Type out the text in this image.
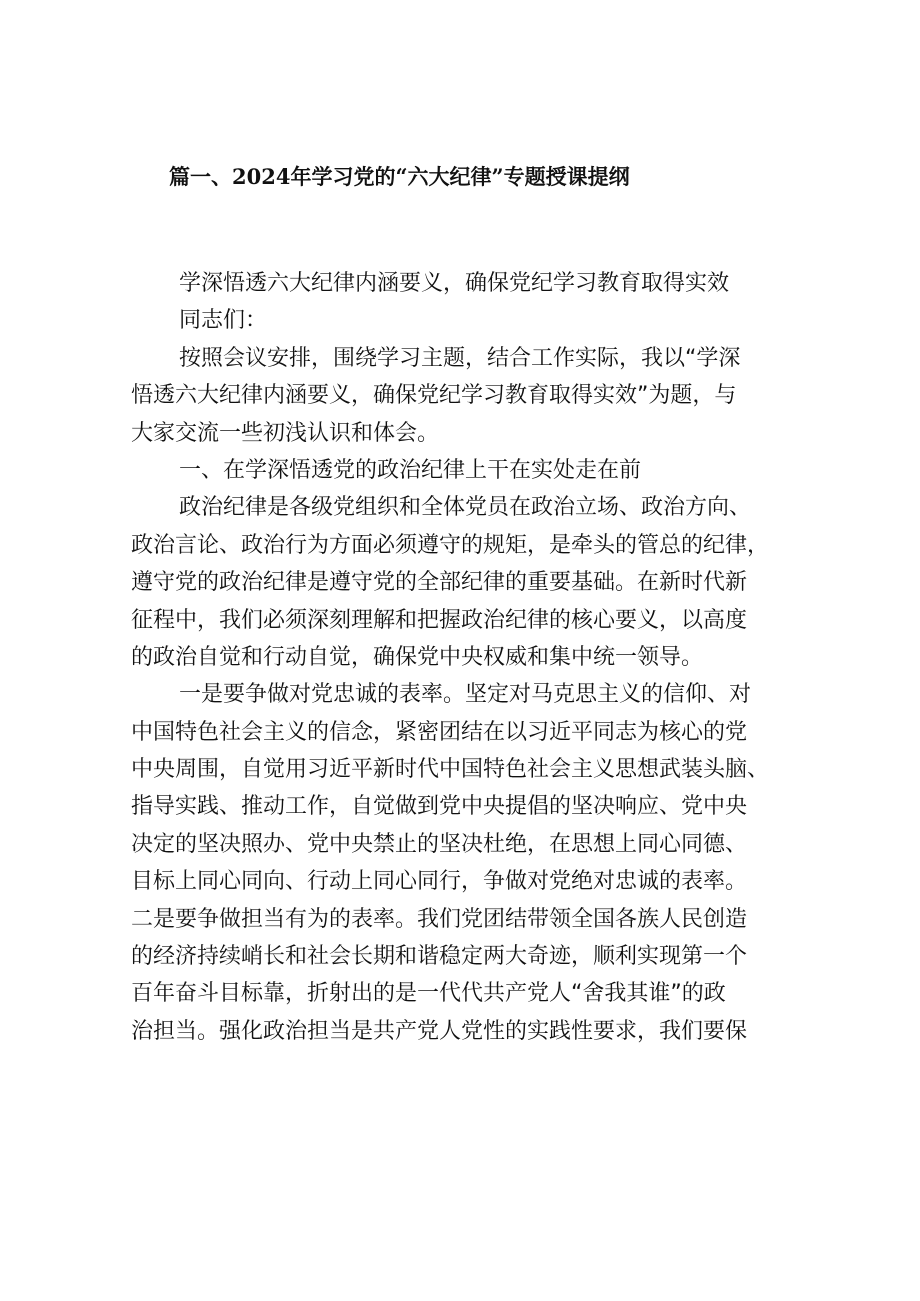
篇一、2024年学习党的“六大纪律”专题授课提纲
学深悟透六大纪律内涵要义，确保党纪学习教育取得实效
同志们：
按照会议安排，围绕学习主题，结合工作实际，我以“学深
悟透六大纪律内涵要义，确保党纪学习教育取得实效”为题，与
大家交流一些初浅认识和体会。
一、在学深悟透党的政治纪律上干在实处走在前
政治纪律是各级党组织和全体党员在政治立场、政治方向、
政治言论、政治行为方面必须遵守的规矩，是牵头的管总的纪律，
遵守党的政治纪律是遵守党的全部纪律的重要基础。在新时代新
征程中，我们必须深刻理解和把握政治纪律的核心要义，以高度
的政治自觉和行动自觉，确保党中央权威和集中统一领导。
一是要争做对党忠诚的表率。坚定对马克思主义的信仰、对
中国特色社会主义的信念，紧密团结在以习近平同志为核心的党
中央周围，自觉用习近平新时代中国特色社会主义思想武装头脑、
指导实践、推动工作，自觉做到党中央提倡的坚决响应、党中央
决定的坚决照办、党中央禁止的坚决杜绝，在思想上同心同德、
目标上同心同向、行动上同心同行，争做对党绝对忠诚的表率。
二是要争做担当有为的表率。我们党团结带领全国各族人民创造
的经济持续峭长和社会长期和谐稳定两大奇迹，顺利实现第一个
百年奋斗目标靠，折射出的是一代代共产党人“舍我其谁”的政
治担当。强化政治担当是共产党人党性的实践性要求，我们要保
